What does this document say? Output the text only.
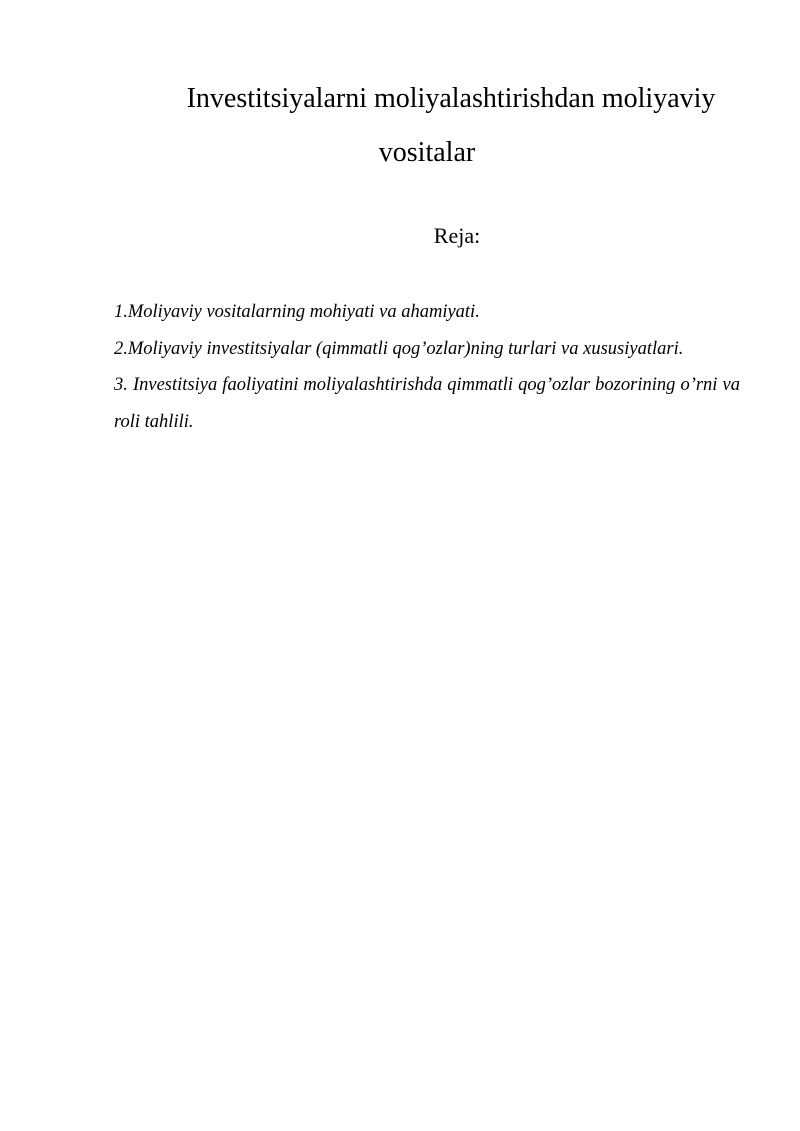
Investitsiyalarni moliyalashtirishdan moliyaviy vositalar
Reja:
1.Moliyaviy vositalarning mohiyati va ahamiyati.
2.Moliyaviy investitsiyalar (qimmatli qog’ozlar)ning turlari va xususiyatlari.
3. Investitsiya faoliyatini moliyalashtirishda qimmatli qog’ozlar bozorining o’rni va roli tahlili.
